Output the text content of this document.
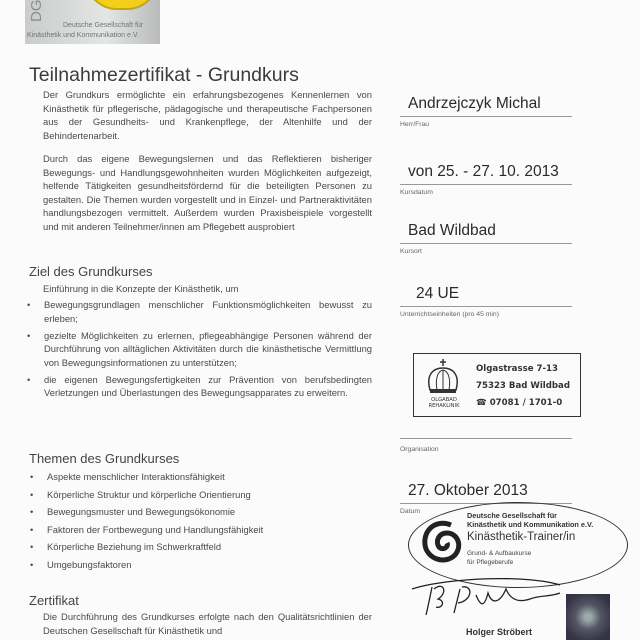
DG
Deutsche Gesellschaft für
Kinästhetik und Kommunikation e.V.
Teilnahmezertifikat - Grundkurs
Der Grundkurs ermöglichte ein erfahrungsbezogenes Kennenlernen von Kinästhetik für pflegerische, pädagogische und therapeutische Fachpersonen aus der Gesundheits- und Krankenpflege, der Altenhilfe und der Behindertenarbeit.
Durch das eigene Bewegungslernen und das Reflektieren bisheriger Bewegungs- und Handlungsgewohnheiten wurden Möglichkeiten aufgezeigt, helfende Tätigkeiten gesundheitsfördernd für die beteiligten Personen zu gestalten. Die Themen wurden vorgestellt und in Einzel- und Partneraktivitäten handlungsbezogen vermittelt. Außerdem wurden Praxisbeispiele vorgestellt und mit anderen Teilnehmer/innen am Pflegebett ausprobiert
Ziel des Grundkurses
Einführung in die Konzepte der Kinästhetik, um
• Bewegungsgrundlagen menschlicher Funktionsmöglichkeiten bewusst zu erleben;
• gezielte Möglichkeiten zu erlernen, pflegeabhängige Personen während der Durchführung von alltäglichen Aktivitäten durch die kinästhetische Vermittlung von Bewegungsinformationen zu unterstützen;
• die eigenen Bewegungsfertigkeiten zur Prävention von berufsbedingten Verletzungen und Überlastungen des Bewegungsapparates zu erweitern.
Themen des Grundkurses
• Aspekte menschlicher Interaktionsfähigkeit
• Körperliche Struktur und körperliche Orientierung
• Bewegungsmuster und Bewegungsökonomie
• Faktoren der Fortbewegung und Handlungsfähigkeit
• Körperliche Beziehung im Schwerkraftfeld
• Umgebungsfaktoren
Zertifikat
Die Durchführung des Grundkurses erfolgte nach den Qualitätsrichtlinien der Deutschen Gesellschaft für Kinästhetik und
Andrzejczyk Michal
Herr/Frau
von 25. - 27. 10. 2013
Kursdatum
Bad Wildbad
Kursort
24 UE
Unterrichtseinheiten (pro 45 min)
OLGABAD
REHAKLINIK
Olgastrasse 7-13
75323 Bad Wildbad
☎ 07081 / 1701-0
Organisation
27. Oktober 2013
Datum	Deutsche Gesellschaft für
Kinästhetik und Kommunikation e.V.
Kinästhetik-Trainer/in
Grund- & Aufbaukurse
für Pflegeberufe
Holger Ströbert
